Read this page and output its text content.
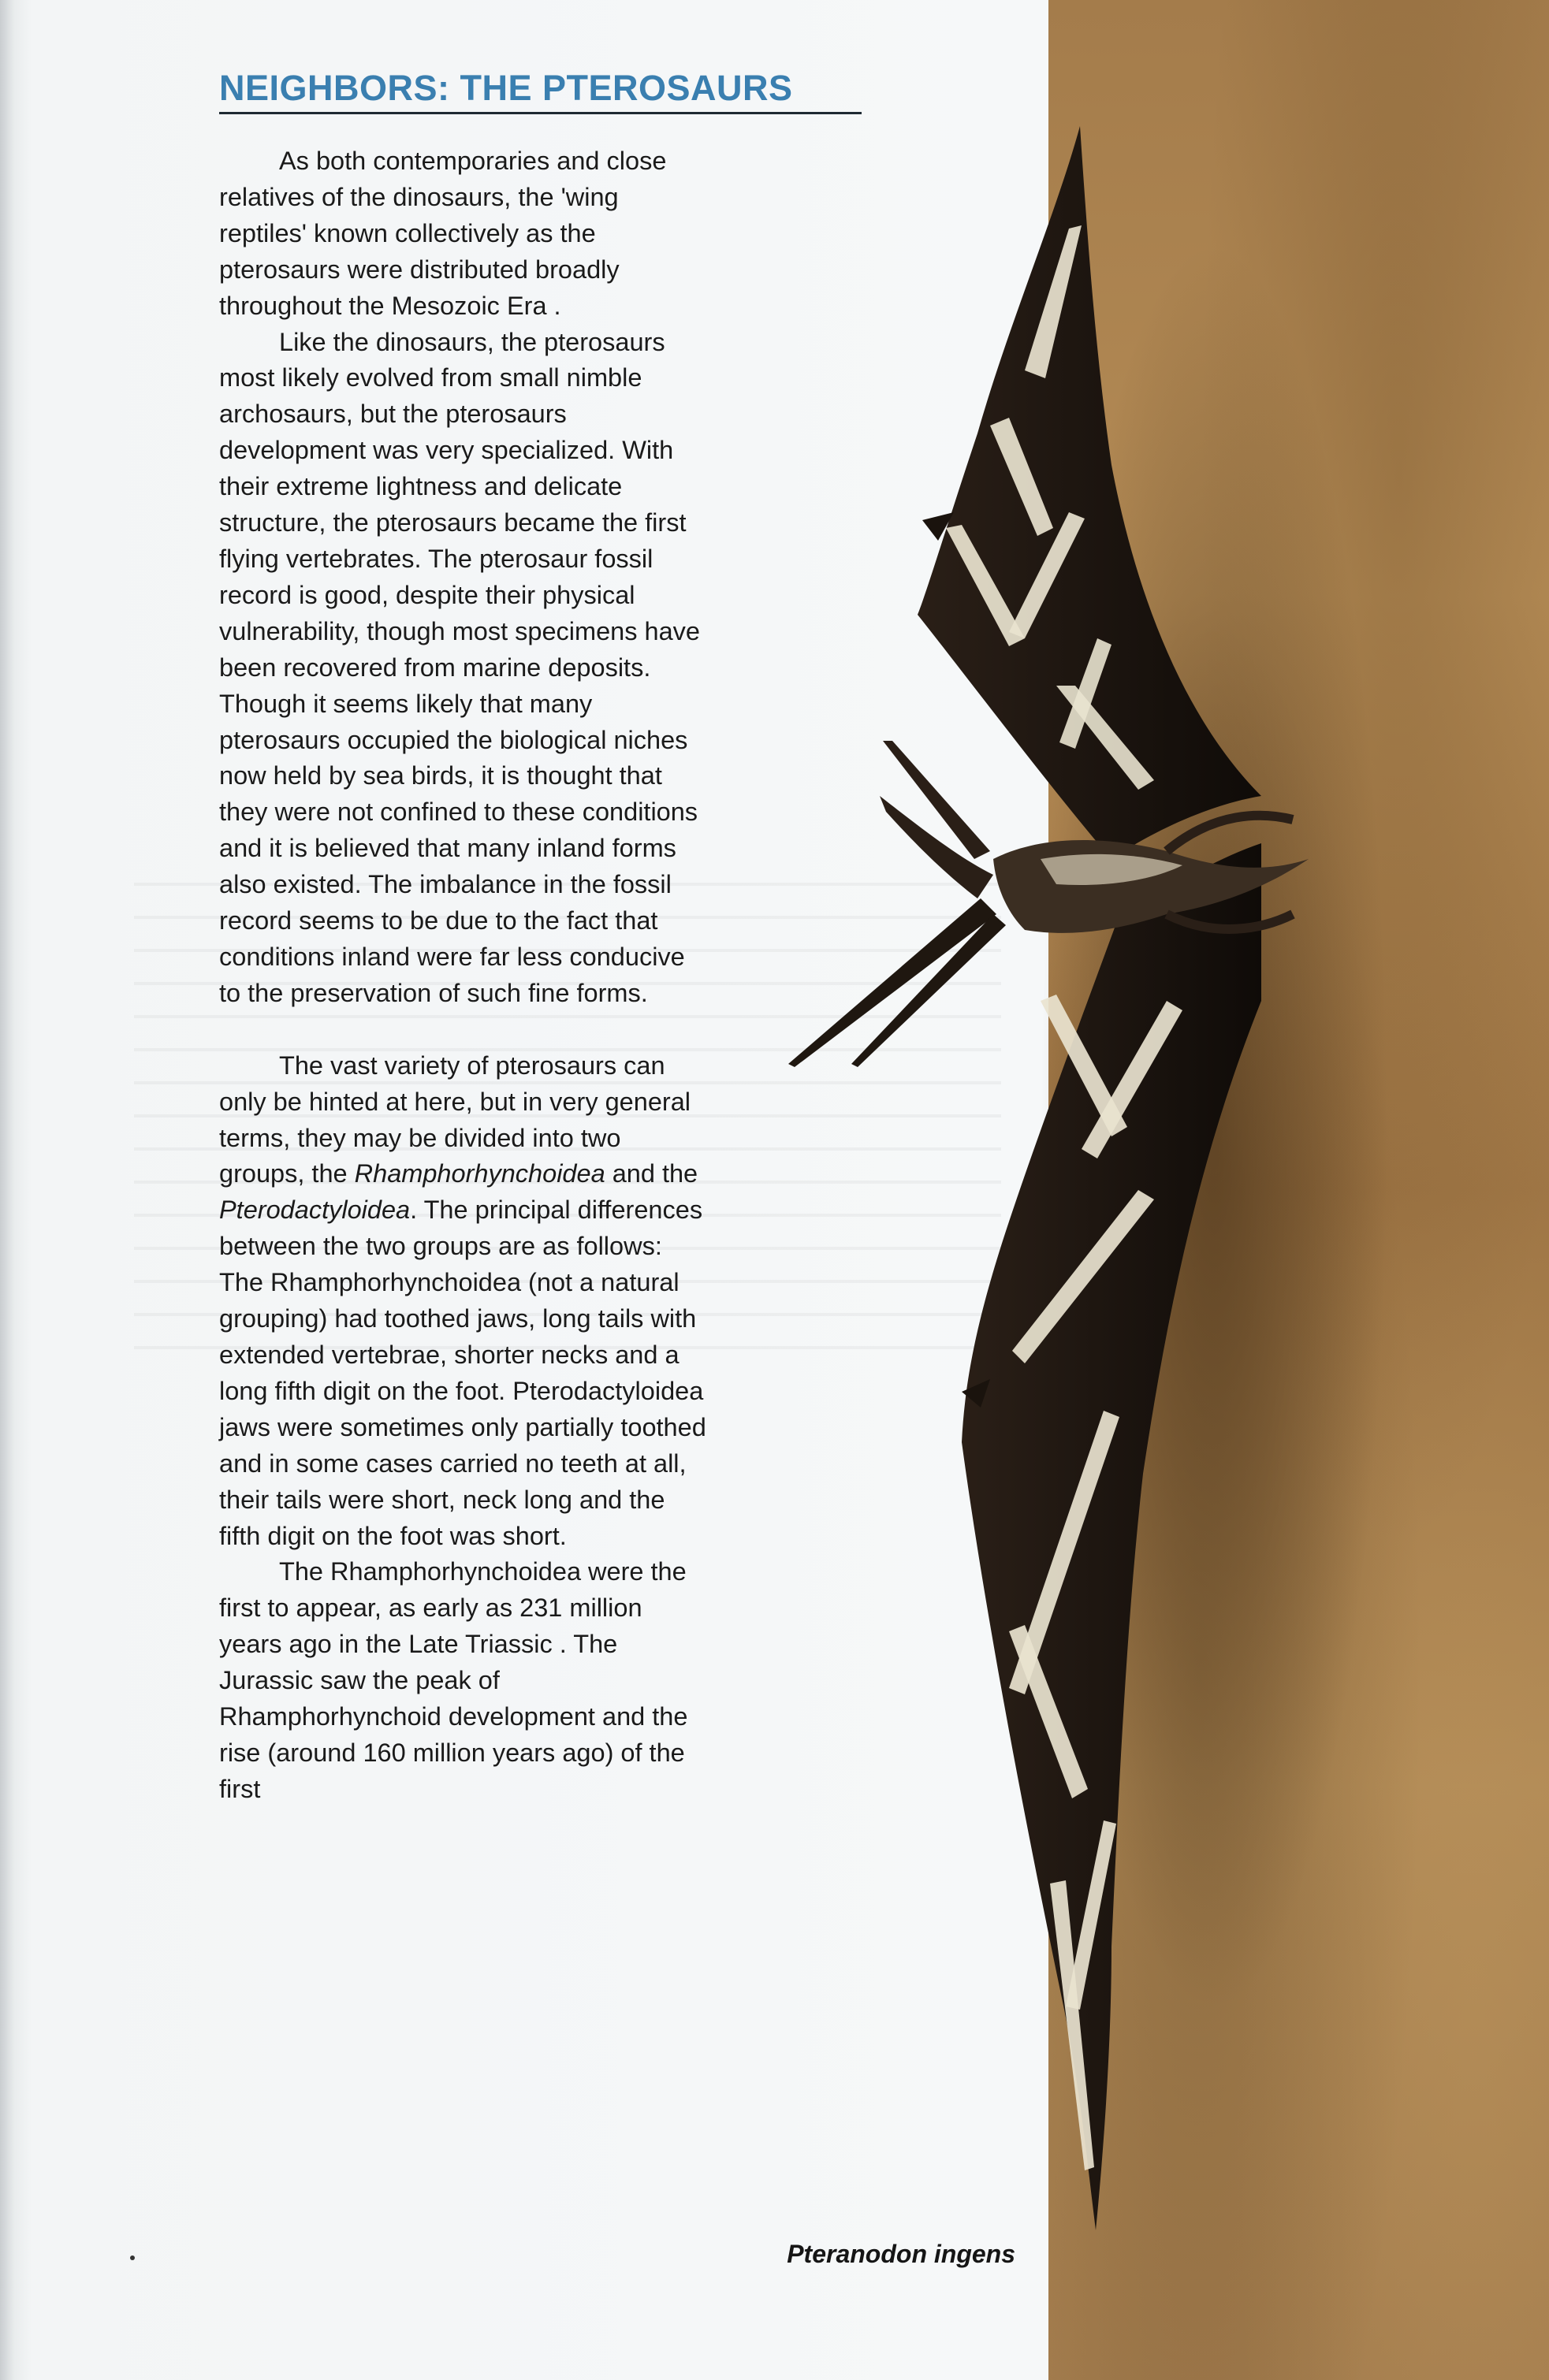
NEIGHBORS: THE PTEROSAURS

As both contemporaries and close relatives of the dinosaurs, the 'wing reptiles' known collectively as the pterosaurs were distributed broadly throughout the Mesozoic Era .

Like the dinosaurs, the pterosaurs most likely evolved from small nimble archosaurs, but the pterosaurs development was very specialized. With their extreme lightness and delicate structure, the pterosaurs became the first flying vertebrates. The pterosaur fossil record is good, despite their physical vulnerability, though most specimens have been recovered from marine deposits. Though it seems likely that many pterosaurs occupied the biological niches now held by sea birds, it is thought that they were not confined to these conditions and it is believed that many inland forms also existed. The imbalance in the fossil record seems to be due to the fact that conditions inland were far less conducive to the preservation of such fine forms.

The vast variety of pterosaurs can only be hinted at here, but in very general terms, they may be divided into two groups, the Rhamphorhynchoidea and the Pterodactyloidea. The principal differences between the two groups are as follows: The Rhamphorhynchoidea (not a natural grouping) had toothed jaws, long tails with extended vertebrae, shorter necks and a long fifth digit on the foot. Pterodactyloidea jaws were sometimes only partially toothed and in some cases carried no teeth at all, their tails were short, neck long and the fifth digit on the foot was short.

The Rhamphorhynchoidea were the first to appear, as early as 231 million years ago in the Late Triassic . The Jurassic saw the peak of Rhamphorhynchoid development and the rise (around 160 million years ago) of the first

Pteranodon ingens
